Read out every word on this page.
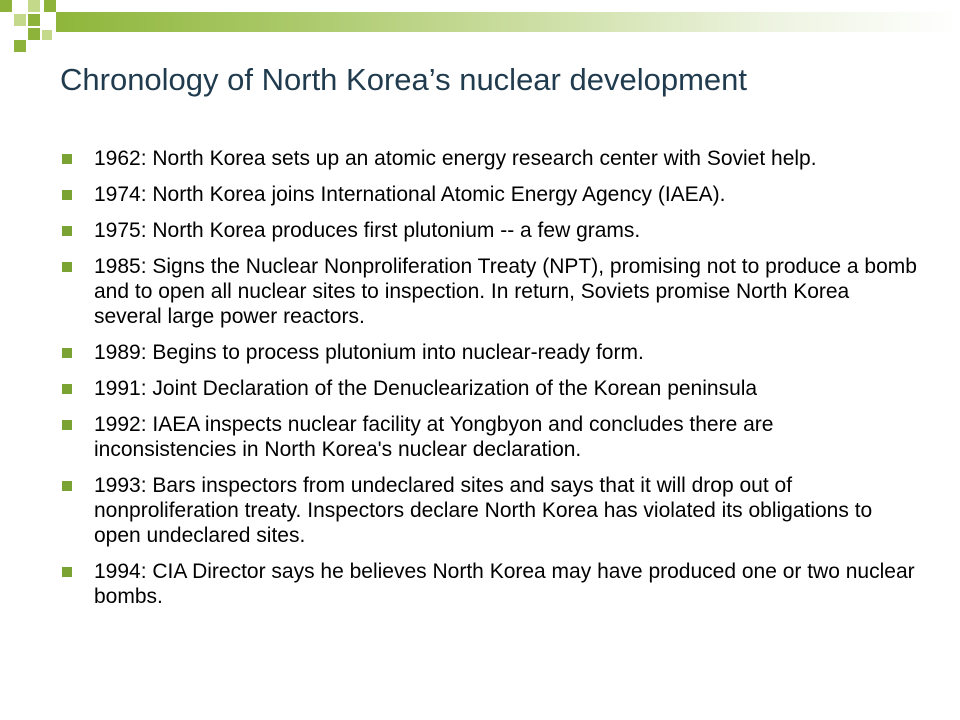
Chronology of North Korea’s nuclear development
1962: North Korea sets up an atomic energy research center with Soviet help.
1974: North Korea joins International Atomic Energy Agency (IAEA).
1975: North Korea produces first plutonium -- a few grams.
1985: Signs the Nuclear Nonproliferation Treaty (NPT), promising not to produce a bomb and to open all nuclear sites to inspection. In return, Soviets promise North Korea several large power reactors.
1989: Begins to process plutonium into nuclear-ready form.
1991: Joint Declaration of the Denuclearization of the Korean peninsula
1992: IAEA inspects nuclear facility at Yongbyon and concludes there are inconsistencies in North Korea's nuclear declaration.
1993: Bars inspectors from undeclared sites and says that it will drop out of nonproliferation treaty. Inspectors declare North Korea has violated its obligations to open undeclared sites.
1994: CIA Director says he believes North Korea may have produced one or two nuclear bombs.
